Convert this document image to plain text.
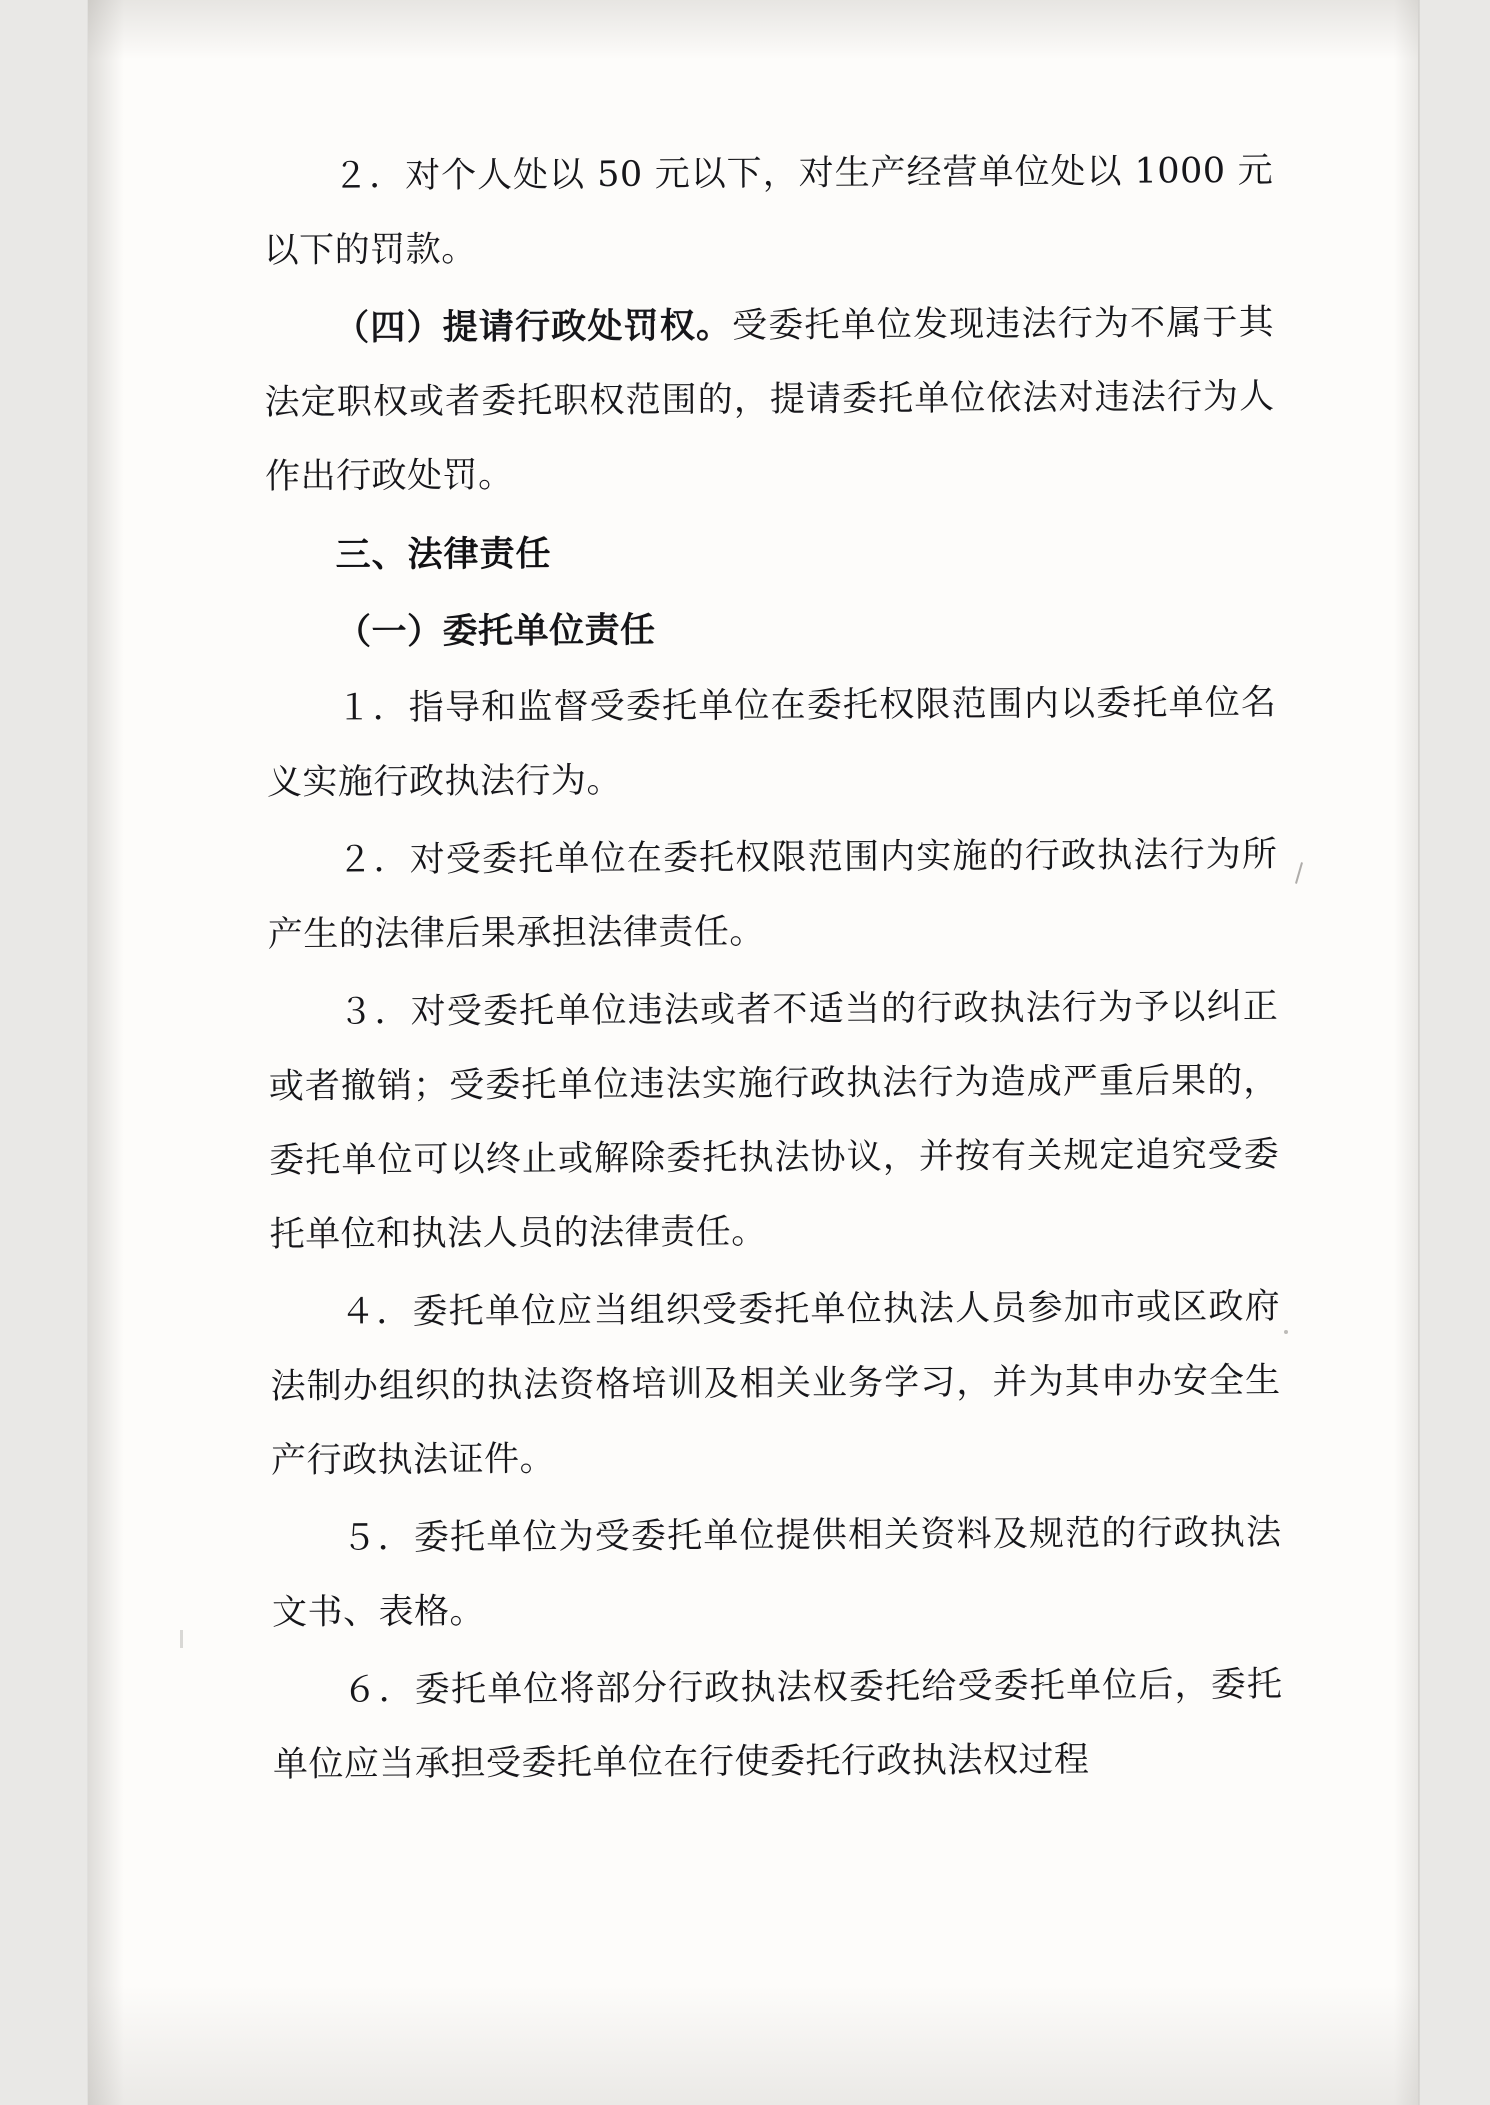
２．对个人处以 50 元以下，对生产经营单位处以 1000 元以下的罚款。

（四）提请行政处罚权。受委托单位发现违法行为不属于其法定职权或者委托职权范围的，提请委托单位依法对违法行为人作出行政处罚。

三、法律责任

（一）委托单位责任

１．指导和监督受委托单位在委托权限范围内以委托单位名义实施行政执法行为。

２．对受委托单位在委托权限范围内实施的行政执法行为所产生的法律后果承担法律责任。

３．对受委托单位违法或者不适当的行政执法行为予以纠正或者撤销；受委托单位违法实施行政执法行为造成严重后果的，委托单位可以终止或解除委托执法协议，并按有关规定追究受委托单位和执法人员的法律责任。

４．委托单位应当组织受委托单位执法人员参加市或区政府法制办组织的执法资格培训及相关业务学习，并为其申办安全生产行政执法证件。

５．委托单位为受委托单位提供相关资料及规范的行政执法文书、表格。

６．委托单位将部分行政执法权委托给受委托单位后，委托单位应当承担受委托单位在行使委托行政执法权过程
